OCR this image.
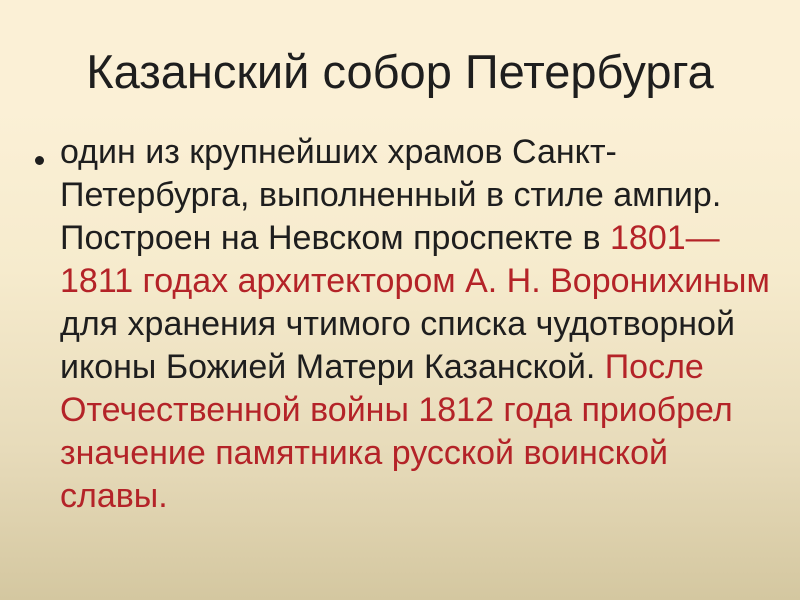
Казанский собор Петербурга

один из крупнейших храмов Санкт-Петербурга, выполненный в стиле ампир. Построен на Невском проспекте в 1801—1811 годах архитектором А. Н. Воронихиным для хранения чтимого списка чудотворной иконы Божией Матери Казанской. После Отечественной войны 1812 года приобрел значение памятника русской воинской славы.
